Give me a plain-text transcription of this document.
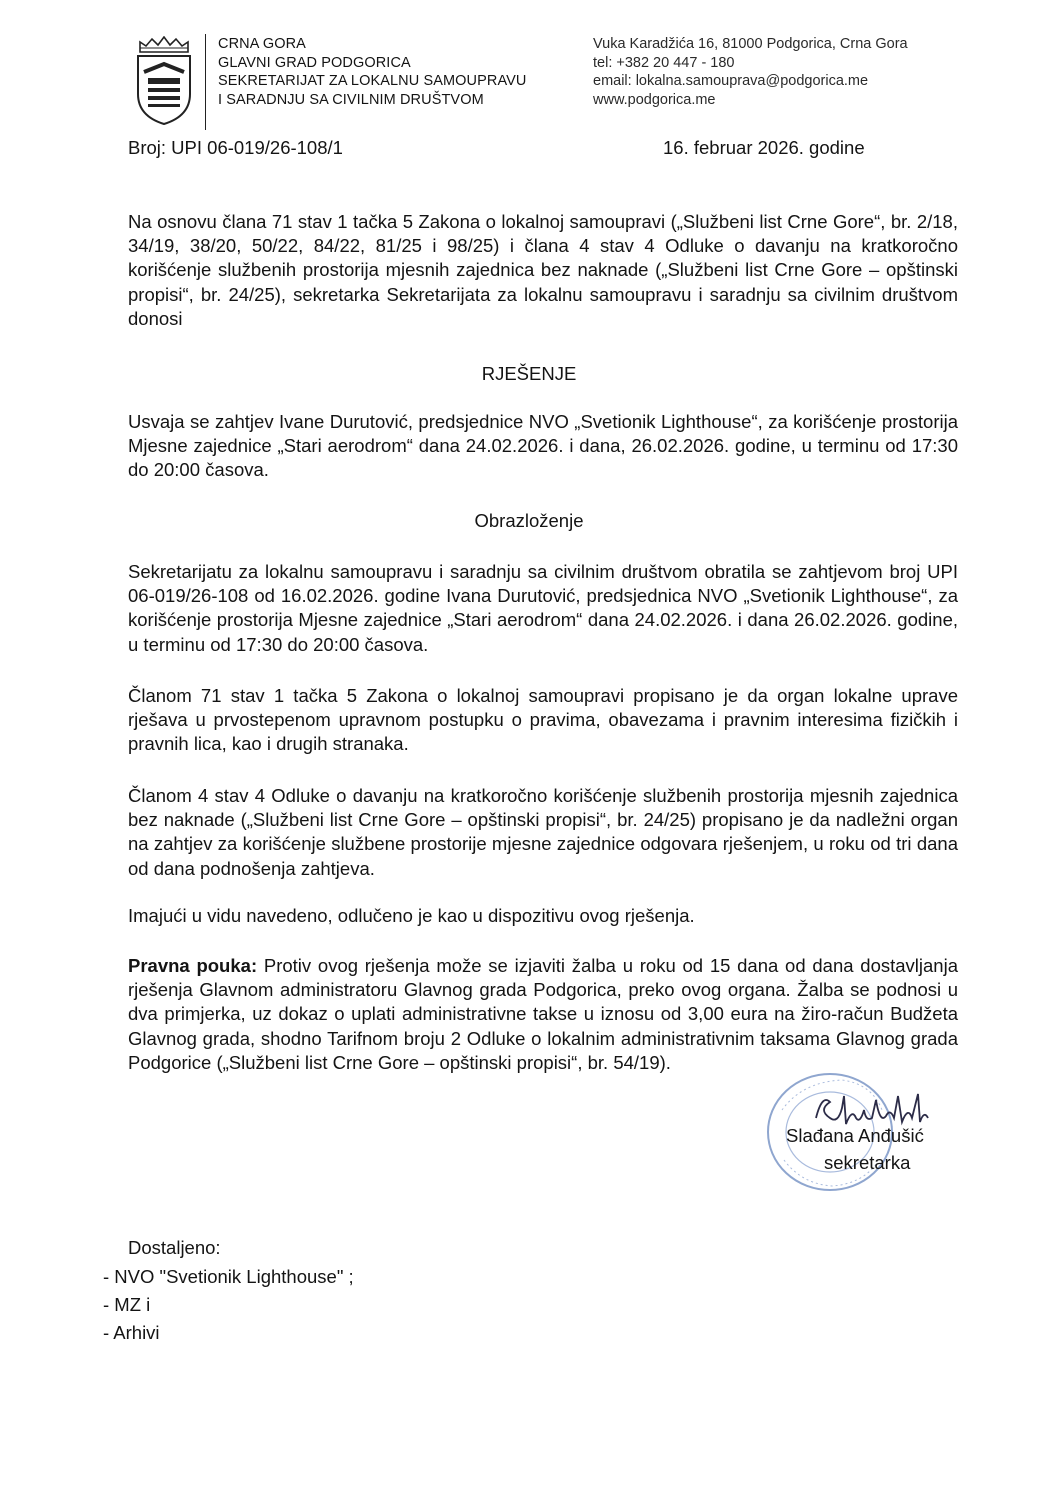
CRNA GORA
GLAVNI GRAD PODGORICA
SEKRETARIJAT ZA LOKALNU SAMOUPRAVU
I SARADNJU SA CIVILNIM DRUŠTVOM
Vuka Karadžića 16, 81000 Podgorica, Crna Gora
tel: +382 20 447 - 180
email: lokalna.samouprava@podgorica.me
www.podgorica.me
Broj: UPI 06-019/26-108/1	16. februar 2026. godine
Na osnovu člana 71 stav 1 tačka 5 Zakona o lokalnoj samoupravi („Službeni list Crne Gore“, br. 2/18, 34/19, 38/20, 50/22, 84/22, 81/25 i 98/25) i člana 4 stav 4 Odluke o davanju na kratkoročno korišćenje službenih prostorija mjesnih zajednica bez naknade („Službeni list Crne Gore – opštinski propisi“, br. 24/25), sekretarka Sekretarijata za lokalnu samoupravu i saradnju sa civilnim društvom donosi
RJEŠENJE
Usvaja se zahtjev Ivane Durutović, predsjednice NVO „Svetionik Lighthouse“, za korišćenje prostorija Mjesne zajednice „Stari aerodrom“ dana 24.02.2026. i dana, 26.02.2026. godine, u terminu od 17:30 do 20:00 časova.
Obrazloženje
Sekretarijatu za lokalnu samoupravu i saradnju sa civilnim društvom obratila se zahtjevom broj UPI 06-019/26-108 od 16.02.2026. godine Ivana Durutović, predsjednica NVO „Svetionik Lighthouse“, za korišćenje prostorija Mjesne zajednice „Stari aerodrom“ dana 24.02.2026. i dana 26.02.2026. godine, u terminu od 17:30 do 20:00 časova.
Članom 71 stav 1 tačka 5 Zakona o lokalnoj samoupravi propisano je da organ lokalne uprave rješava u prvostepenom upravnom postupku o pravima, obavezama i pravnim interesima fizičkih i pravnih lica, kao i drugih stranaka.
Članom 4 stav 4 Odluke o davanju na kratkoročno korišćenje službenih prostorija mjesnih zajednica bez naknade („Službeni list Crne Gore – opštinski propisi“, br. 24/25) propisano je da nadležni organ na zahtjev za korišćenje službene prostorije mjesne zajednice odgovara rješenjem, u roku od tri dana od dana podnošenja zahtjeva.
Imajući u vidu navedeno, odlučeno je kao u dispozitivu ovog rješenja.
Pravna pouka: Protiv ovog rješenja može se izjaviti žalba u roku od 15 dana od dana dostavljanja rješenja Glavnom administratoru Glavnog grada Podgorica, preko ovog organa. Žalba se podnosi u dva primjerka, uz dokaz o uplati administrativne takse u iznosu od 3,00 eura na žiro-račun Budžeta Glavnog grada, shodno Tarifnom broju 2 Odluke o lokalnim administrativnim taksama Glavnog grada Podgorice („Službeni list Crne Gore – opštinski propisi“, br. 54/19).
Slađana Anđušić
sekretarka
Dostaljeno:
- NVO "Svetionik Lighthouse" ;
- MZ i
- Arhivi
